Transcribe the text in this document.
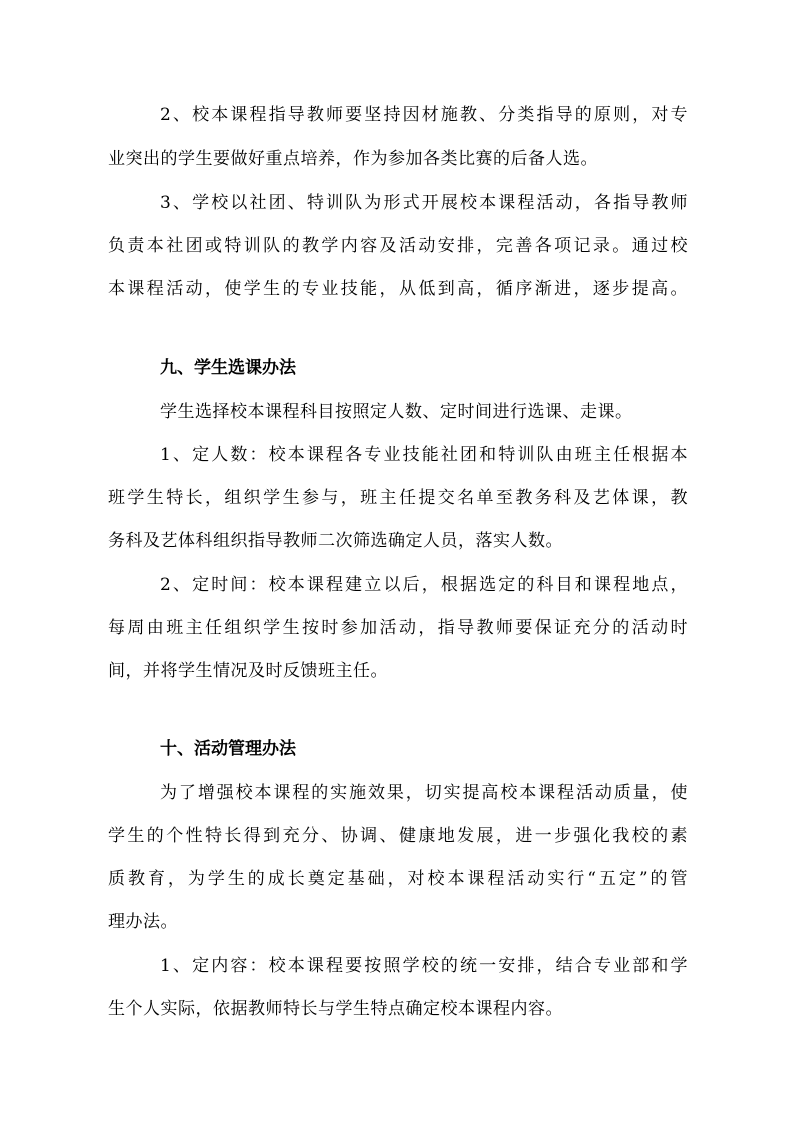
2、校本课程指导教师要坚持因材施教、分类指导的原则，对专
业突出的学生要做好重点培养，作为参加各类比赛的后备人选。
3、学校以社团、特训队为形式开展校本课程活动，各指导教师
负责本社团或特训队的教学内容及活动安排，完善各项记录。通过校
本课程活动，使学生的专业技能，从低到高，循序渐进，逐步提高。
九、学生选课办法
学生选择校本课程科目按照定人数、定时间进行选课、走课。
1、定人数：校本课程各专业技能社团和特训队由班主任根据本
班学生特长，组织学生参与，班主任提交名单至教务科及艺体课，教
务科及艺体科组织指导教师二次筛选确定人员，落实人数。
2、定时间：校本课程建立以后，根据选定的科目和课程地点，
每周由班主任组织学生按时参加活动，指导教师要保证充分的活动时
间，并将学生情况及时反馈班主任。
十、活动管理办法
为了增强校本课程的实施效果，切实提高校本课程活动质量，使
学生的个性特长得到充分、协调、健康地发展，进一步强化我校的素
质教育，为学生的成长奠定基础，对校本课程活动实行“五定”的管
理办法。
1、定内容：校本课程要按照学校的统一安排，结合专业部和学
生个人实际，依据教师特长与学生特点确定校本课程内容。
